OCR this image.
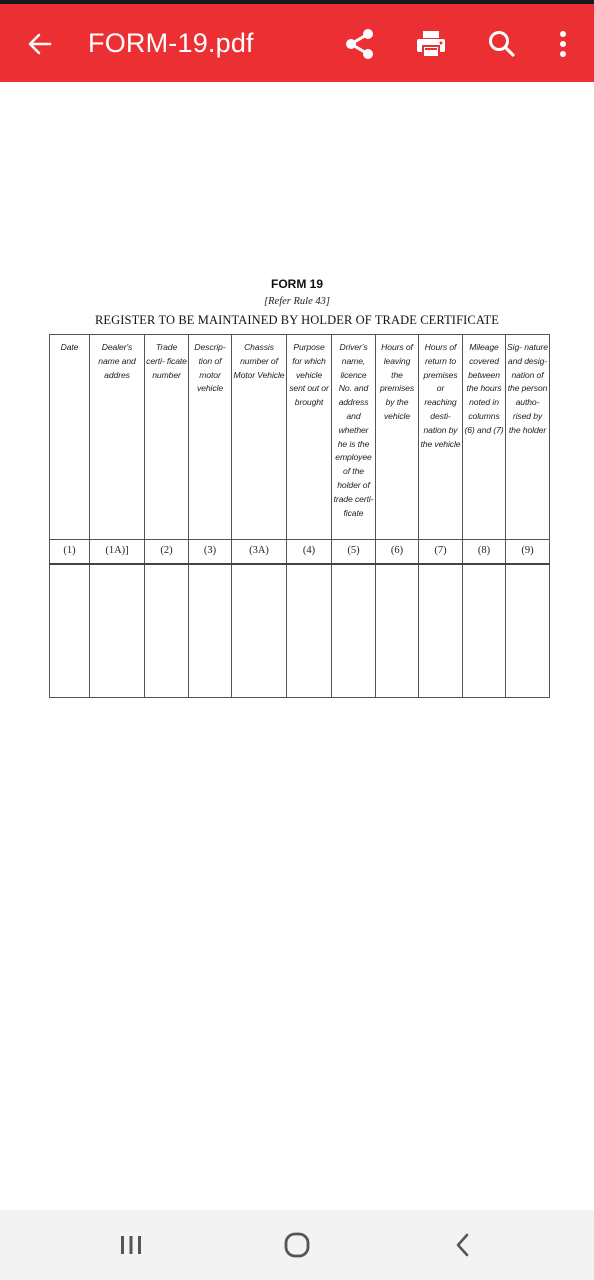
FORM-19.pdf
FORM 19
[Refer Rule 43]
REGISTER TO BE MAINTAINED BY HOLDER OF TRADE CERTIFICATE
Date	Dealer's name and addres	Trade certi- ficate number	Descrip- tion of motor vehicle	Chassis number of Motor Vehicle	Purpose for which vehicle sent out or brought	Driver's name, licence No. and address and whether he is the employee of the holder of trade certi- ficate	Hours of leaving the premises by the vehicle	Hours of return to premises or reaching desti- nation by the vehicle	Mileage covered between the hours noted in columns (6) and (7)	Sig- nature and desig- nation of the person autho- rised by the holder
(1)	(1A)]	(2)	(3)	(3A)	(4)	(5)	(6)	(7)	(8)	(9)
